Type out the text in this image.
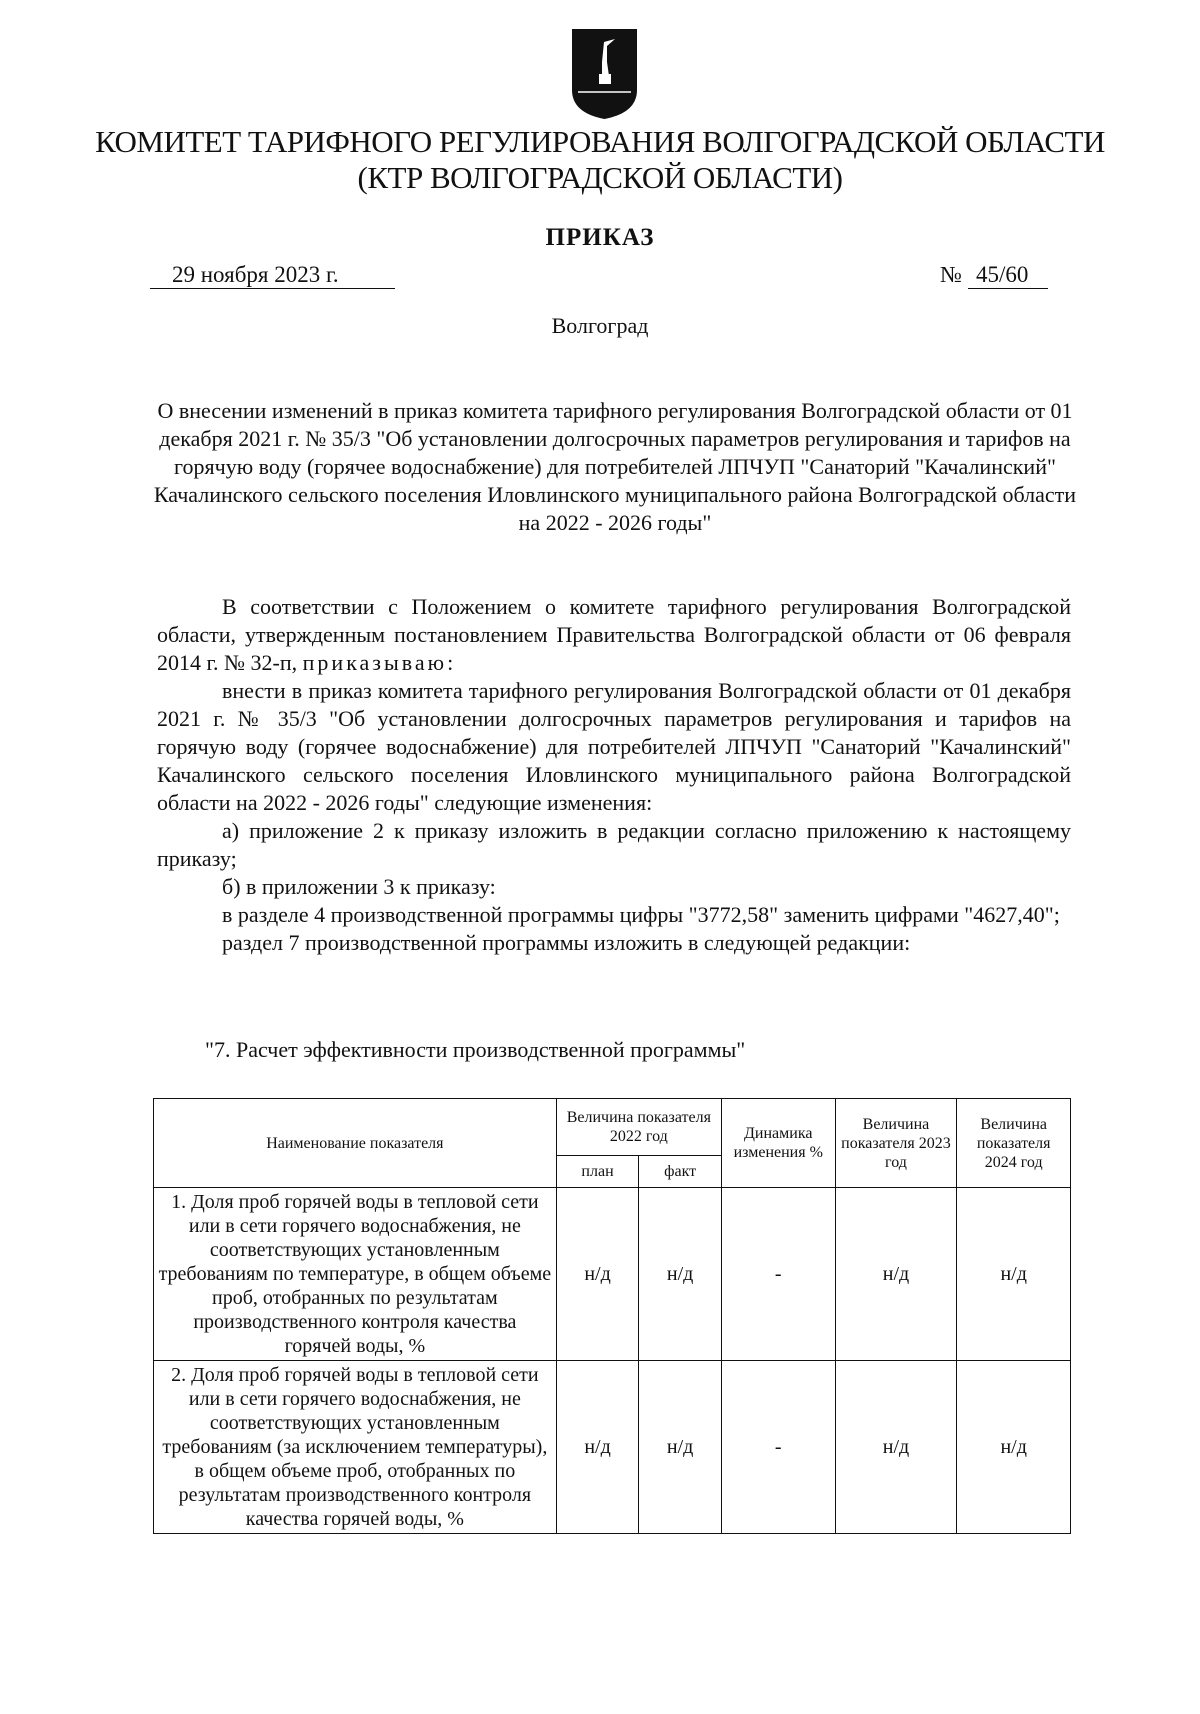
КОМИТЕТ ТАРИФНОГО РЕГУЛИРОВАНИЯ ВОЛГОГРАДСКОЙ ОБЛАСТИ
(КТР ВОЛГОГРАДСКОЙ ОБЛАСТИ)
ПРИКАЗ
29 ноября 2023 г.	№ 45/60
Волгоград
О внесении изменений в приказ комитета тарифного регулирования Волгоградской области от 01 декабря 2021 г. № 35/3 "Об установлении долгосрочных параметров регулирования и тарифов на горячую воду (горячее водоснабжение) для потребителей ЛПЧУП "Санаторий "Качалинский" Качалинского сельского поселения Иловлинского муниципального района Волгоградской области на 2022 - 2026 годы"

В соответствии с Положением о комитете тарифного регулирования Волгоградской области, утвержденным постановлением Правительства Волгоградской области от 06 февраля 2014 г. № 32-п, приказываю:

внести в приказ комитета тарифного регулирования Волгоградской области от 01 декабря 2021 г. № 35/3 "Об установлении долгосрочных параметров регулирования и тарифов на горячую воду (горячее водоснабжение) для потребителей ЛПЧУП "Санаторий "Качалинский" Качалинского сельского поселения Иловлинского муниципального района Волгоградской области на 2022 - 2026 годы" следующие изменения:

а) приложение 2 к приказу изложить в редакции согласно приложению к настоящему приказу;

б) в приложении 3 к приказу:

в разделе 4 производственной программы цифры "3772,58" заменить цифрами "4627,40";

раздел 7 производственной программы изложить в следующей редакции:

"7. Расчет эффективности производственной программы"
Наименование показателя	Величина показателя 2022 год		Динамика изменения %	Величина показателя 2023 год	Величина показателя 2024 год
	план	факт			
1. Доля проб горячей воды в тепловой сети или в сети горячего водоснабжения, не соответствующих установленным требованиям по температуре, в общем объеме проб, отобранных по результатам производственного контроля качества горячей воды, %	н/д	н/д	-	н/д	н/д
2. Доля проб горячей воды в тепловой сети или в сети горячего водоснабжения, не соответствующих установленным требованиям (за исключением температуры), в общем объеме проб, отобранных по результатам производственного контроля качества горячей воды, %	н/д	н/д	-	н/д	н/д
